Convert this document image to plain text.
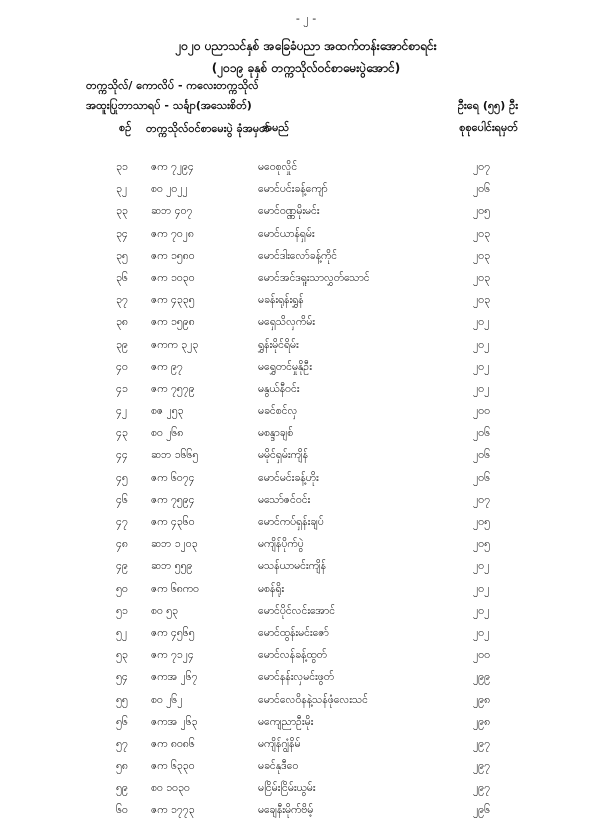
- ၂ -
၂၀၂၀ ပညာသင်နှစ် အခြေခံပညာ အထက်တန်းအောင်စာရင်း
(၂၀၁၉ ခုနှစ် တက္ကသိုလ်ဝင်စာမေးပွဲအောင်)
တက္ကသိုလ်/ ကောလိပ် - ကလေးတက္ကသိုလ်
အထူးပြုဘာသာရပ် - သင်္ချာ(အသေးစိတ်)	ဦးရေ (၅၅) ဦး
စဉ် တက္ကသိုလ်ဝင်စာမေးပွဲ ခုံအမှတ်
အမည်	စုစုပေါင်းရမှတ်
၃၁ ဇက ၇၂၉၄	မဝေစုလှိုင်	၂၀၇
၃၂ စဝ ၂၀၂၂	မောင်ပင်းခန့်ကျော်	၂၀၆
၃၃ ဆဘ ၄၀၇	မောင်ဝဏ္ဏမိုးမင်း	၂၀၅
၃၄ ဇက ၇၀၂၈	မောင်ယာန်ရှမ်း	၂၀၃
၃၅ ဇက ၁၅၈၀	မောင်ဒါးလော်ခန့်ကိုင်	၂၀၃
၃၆ ဇက ၁၀၃၀	မောင်အင်ဒရူးသာလွှတ်သောင်	၂၀၃
၃၇ ဇက ၄၃၃၅	မခန်းရုန်းရွှန်	၂၀၃
၃၈ ဇက ၁၅၉၈	မရှေသိလှကိမ်း	၂၀၂
၃၉ ဇကက ၃၂၃	ရွှန်းမိုင်ရိမ်း	၂၀၂
၄၀ ဇက ၉၇	မရွှေတင်မှုနိုဦး	၂၀၂
၄၁ ဇက ၇၅၇၉	မနွယ်နီဝင်း	၂၀၂
၄၂ စဇ ၂၅၃	မခင်စင်လှ	၂၀၀
၄၃ စဝ ၂၆၈	မစန္ဒာချစ်	၂၀၆
၄၄ ဆဘ ၁၆၆၅	မမိုင်ရှမ်းကျိန်	၂၀၆
၄၅ ဇက ၆၀၇၄	မောင်မင်းခန့်ဟိုး	၂၀၆
၄၆ ဇက ၇၅၉၄	မသော်ဇင်ဝင်း	၂၀၇
၄၇ ဇက ၄၃၆၀	မောင်ကပ်ရှန်းချပ်	၂၀၅
၄၈ ဆဘ ၁၂၀၃	မကျိန်ပိုက်ပွဲ	၂၀၅
၄၉ ဆဘ ၅၅၉	မသန်ယာမင်းကျိန်	၂၀၂
၅၀ ဇက ၆၈ကဝ	မစန်ရိုး	၂၀၂
၅၁ စဝ ၅၃	မောင်ပိုင်လင်းအောင်	၂၀၂
၅၂ ဇက ၄၅၆၅	မောင်ထွန်းမင်းဇော်	၂၀၂
၅၃ ဇက ၇၁၂၄	မောင်လန်ခန့်ထွတ်	၂၀၀
၅၄ ဇကအ ၂၆၇	မောင်နန်းလှမင်းဖွတ်	၂၉၉
၅၅ စဝ ၂၆၂	မောင်လေဝိနနဲ့သန်ဖုံလေးသင်	၂၉၈
၅၆ ဇကအ ၂၆၃	မကျေညာဦးမိုး	၂၉၈
၅၇ ဇက ၈၀၈၆	မကျိန်ဂျွံနိမ်	၂၉၇
၅၈ ဇက ၆၃၃၀	မခင်နုဒီဝေ	၂၉၇
၅၉ စဝ ၁၀၃၀	မငြိမ်းငြိမ်းယွမ်း	၂၉၇
၆၀ ဇက ၁၇၇၃	မချေနီးမိုက်ဗိမ့်	၂၉၆
